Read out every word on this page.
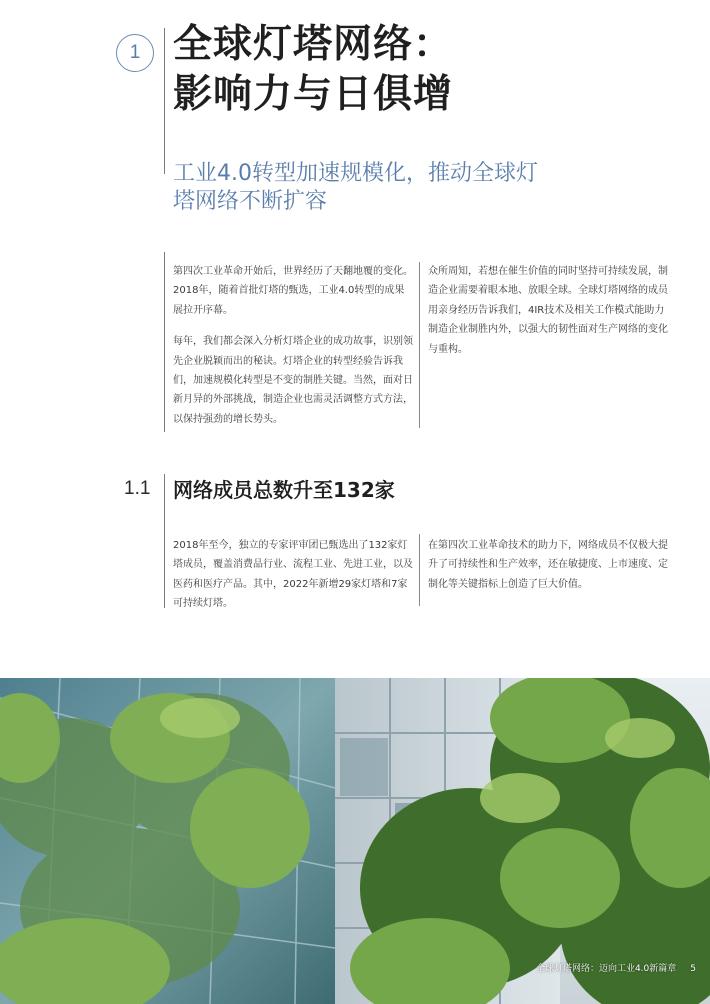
1 全球灯塔网络：
影响力与日俱增
工业4.0转型加速规模化，推动全球灯
塔网络不断扩容

第四次工业革命开始后，世界经历了天翻地覆的变化。2018年，随着首批灯塔的甄选，工业4.0转型的成果展拉开序幕。

每年，我们都会深入分析灯塔企业的成功故事，识别领先企业脱颖而出的秘诀。灯塔企业的转型经验告诉我们，加速规模化转型是不变的制胜关键。当然，面对日新月异的外部挑战，制造企业也需灵活调整方式方法，以保持强劲的增长势头。

众所周知，若想在催生价值的同时坚持可持续发展，制造企业需要着眼本地、放眼全球。全球灯塔网络的成员用亲身经历告诉我们，4IR技术及相关工作模式能助力制造企业制胜内外，以强大的韧性面对生产网络的变化与重构。

1.1 网络成员总数升至132家

2018年至今，独立的专家评审团已甄选出了132家灯塔成员，覆盖消费品行业、流程工业、先进工业，以及医药和医疗产品。其中，2022年新增29家灯塔和7家可持续灯塔。

在第四次工业革命技术的助力下，网络成员不仅极大提升了可持续性和生产效率，还在敏捷度、上市速度、定制化等关键指标上创造了巨大价值。

全球灯塔网络：迈向工业4.0新篇章 5
